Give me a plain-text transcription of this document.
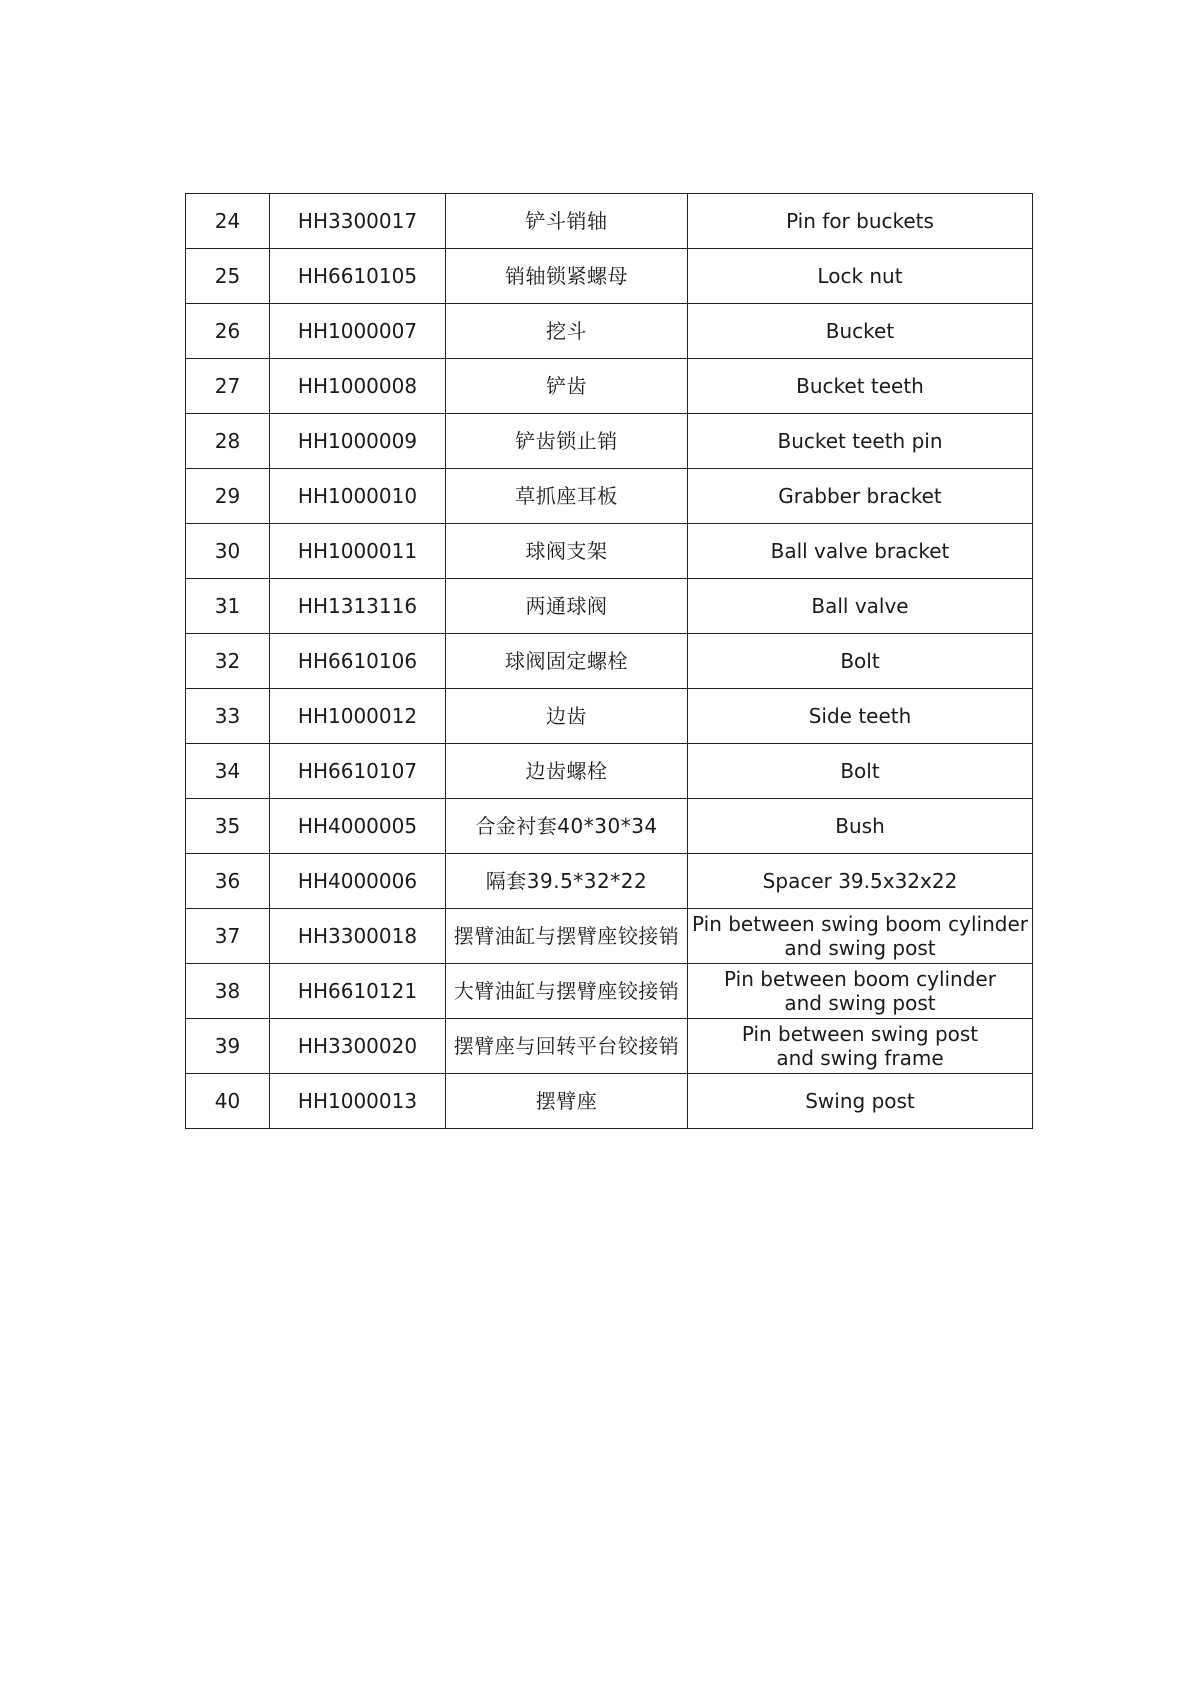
24	HH3300017	铲斗销轴	Pin for buckets
25	HH6610105	销轴锁紧螺母	Lock nut
26	HH1000007	挖斗	Bucket
27	HH1000008	铲齿	Bucket teeth
28	HH1000009	铲齿锁止销	Bucket teeth pin
29	HH1000010	草抓座耳板	Grabber bracket
30	HH1000011	球阀支架	Ball valve bracket
31	HH1313116	两通球阀	Ball valve
32	HH6610106	球阀固定螺栓	Bolt
33	HH1000012	边齿	Side teeth
34	HH6610107	边齿螺栓	Bolt
35	HH4000005	合金衬套40*30*34	Bush
36	HH4000006	隔套39.5*32*22	Spacer 39.5x32x22
37	HH3300018	摆臂油缸与摆臂座铰接销	Pin between swing boom cylinder
and swing post
38	HH6610121	大臂油缸与摆臂座铰接销	Pin between boom cylinder
and swing post
39	HH3300020	摆臂座与回转平台铰接销	Pin between swing post
and swing frame
40	HH1000013	摆臂座	Swing post
